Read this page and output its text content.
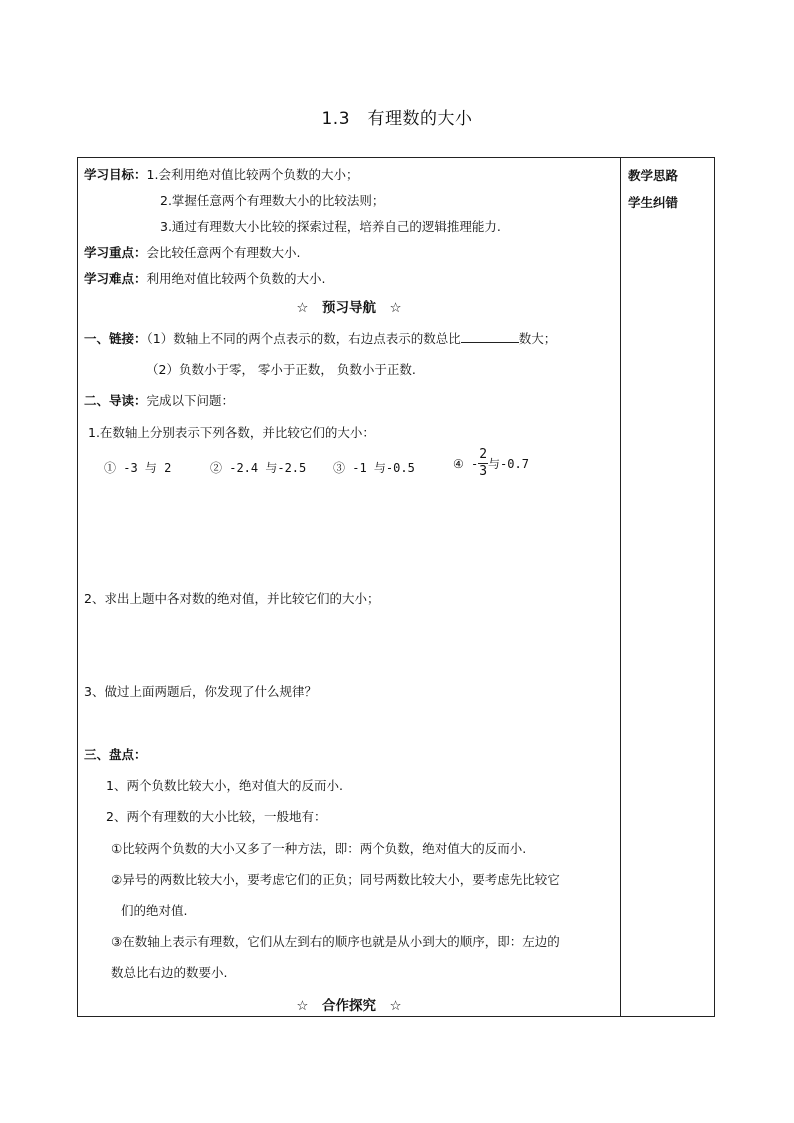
1.3　有理数的大小
教学思路
学生纠错
学习目标：1.会利用绝对值比较两个负数的大小；
2.掌握任意两个有理数大小的比较法则；
3.通过有理数大小比较的探索过程，培养自己的逻辑推理能力.
学习重点：会比较任意两个有理数大小.
学习难点：利用绝对值比较两个负数的大小.
☆　预习导航　☆
一、链接：（1）数轴上不同的两个点表示的数，右边点表示的数总比	数大；
（2）负数小于零， 零小于正数， 负数小于正数.
二、导读：完成以下问题：
1.在数轴上分别表示下列各数，并比较它们的大小：
① -3 与 2	② -2.4 与-2.5 ③ -1 与-0.5	④ - $\frac{2}{3}$ 与-0.7
2、求出上题中各对数的绝对值，并比较它们的大小；
3、做过上面两题后，你发现了什么规律？
三、盘点：
1、两个负数比较大小，绝对值大的反而小.
2、两个有理数的大小比较，一般地有：
①比较两个负数的大小又多了一种方法，即：两个负数，绝对值大的反而小.
②异号的两数比较大小，要考虑它们的正负；同号两数比较大小，要考虑先比较它
们的绝对值.
③在数轴上表示有理数，它们从左到右的顺序也就是从小到大的顺序，即：左边的
数总比右边的数要小.
☆　合作探究　☆
